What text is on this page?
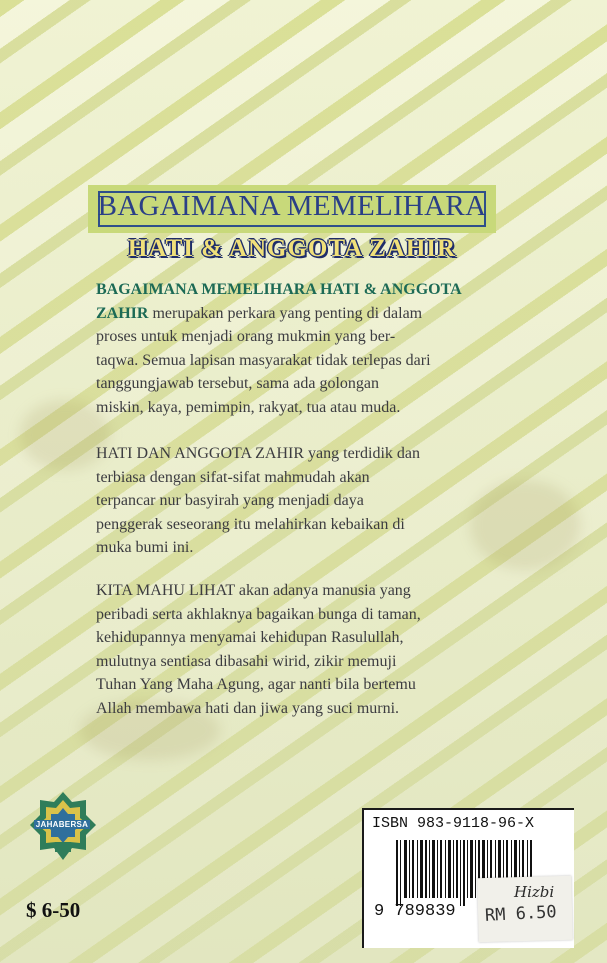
BAGAIMANA MEMELIHARA
HATI & ANGGOTA ZAHIR
BAGAIMANA MEMELIHARA HATI & ANGGOTA
ZAHIR merupakan perkara yang penting di dalam
proses untuk menjadi orang mukmin yang ber-
taqwa. Semua lapisan masyarakat tidak terlepas dari
tanggungjawab tersebut, sama ada golongan
miskin, kaya, pemimpin, rakyat, tua atau muda.
HATI DAN ANGGOTA ZAHIR yang terdidik dan
terbiasa dengan sifat-sifat mahmudah akan
terpancar nur basyirah yang menjadi daya
penggerak seseorang itu melahirkan kebaikan di
muka bumi ini.
KITA MAHU LIHAT akan adanya manusia yang
peribadi serta akhlaknya bagaikan bunga di taman,
kehidupannya menyamai kehidupan Rasulullah,
mulutnya sentiasa dibasahi wirid, zikir memuji
Tuhan Yang Maha Agung, agar nanti bila bertemu
Allah membawa hati dan jiwa yang suci murni.
JAHABERSA
$ 6-50
ISBN 983-9118-96-X
9 789839
Hizbi
RM 6.50
